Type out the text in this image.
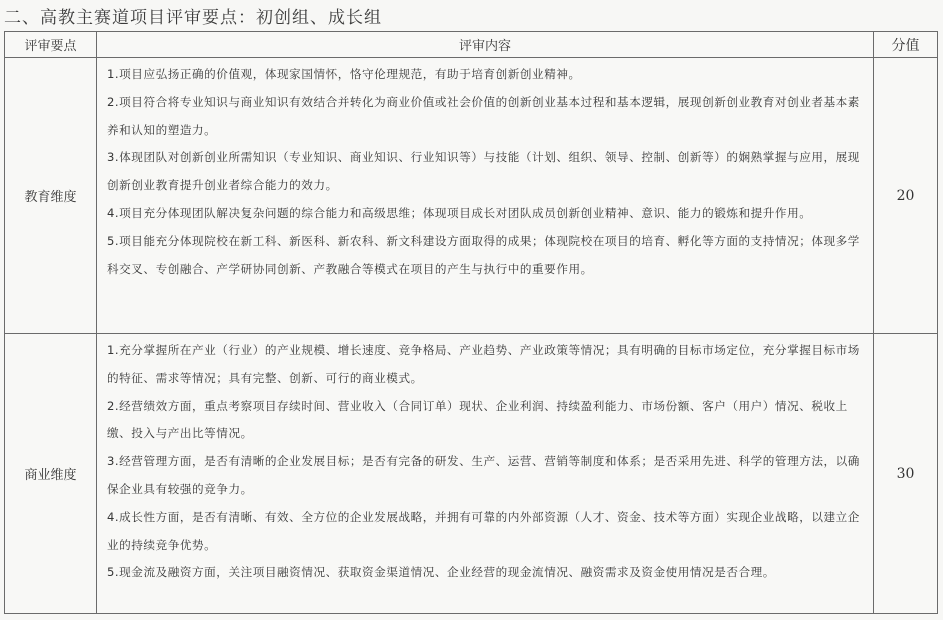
二、高教主赛道项目评审要点：初创组、成长组
评审要点	评审内容	分值
教育维度	1.项目应弘扬正确的价值观，体现家国情怀，恪守伦理规范，有助于培育创新创业精神。

2.项目符合将专业知识与商业知识有效结合并转化为商业价值或社会价值的创新创业基本过程和基本逻辑，展现创新创业教育对创业者基本素养和认知的塑造力。

3.体现团队对创新创业所需知识（专业知识、商业知识、行业知识等）与技能（计划、组织、领导、控制、创新等）的娴熟掌握与应用，展现创新创业教育提升创业者综合能力的效力。

4.项目充分体现团队解决复杂问题的综合能力和高级思维；体现项目成长对团队成员创新创业精神、意识、能力的锻炼和提升作用。

5.项目能充分体现院校在新工科、新医科、新农科、新文科建设方面取得的成果；体现院校在项目的培育、孵化等方面的支持情况；体现多学科交叉、专创融合、产学研协同创新、产教融合等模式在项目的产生与执行中的重要作用。	20
商业维度	1.充分掌握所在产业（行业）的产业规模、增长速度、竞争格局、产业趋势、产业政策等情况；具有明确的目标市场定位，充分掌握目标市场的特征、需求等情况；具有完整、创新、可行的商业模式。

2.经营绩效方面，重点考察项目存续时间、营业收入（合同订单）现状、企业利润、持续盈利能力、市场份额、客户（用户）情况、税收上缴、投入与产出比等情况。

3.经营管理方面，是否有清晰的企业发展目标；是否有完备的研发、生产、运营、营销等制度和体系；是否采用先进、科学的管理方法，以确保企业具有较强的竞争力。

4.成长性方面，是否有清晰、有效、全方位的企业发展战略，并拥有可靠的内外部资源（人才、资金、技术等方面）实现企业战略，以建立企业的持续竞争优势。

5.现金流及融资方面，关注项目融资情况、获取资金渠道情况、企业经营的现金流情况、融资需求及资金使用情况是否合理。	30
